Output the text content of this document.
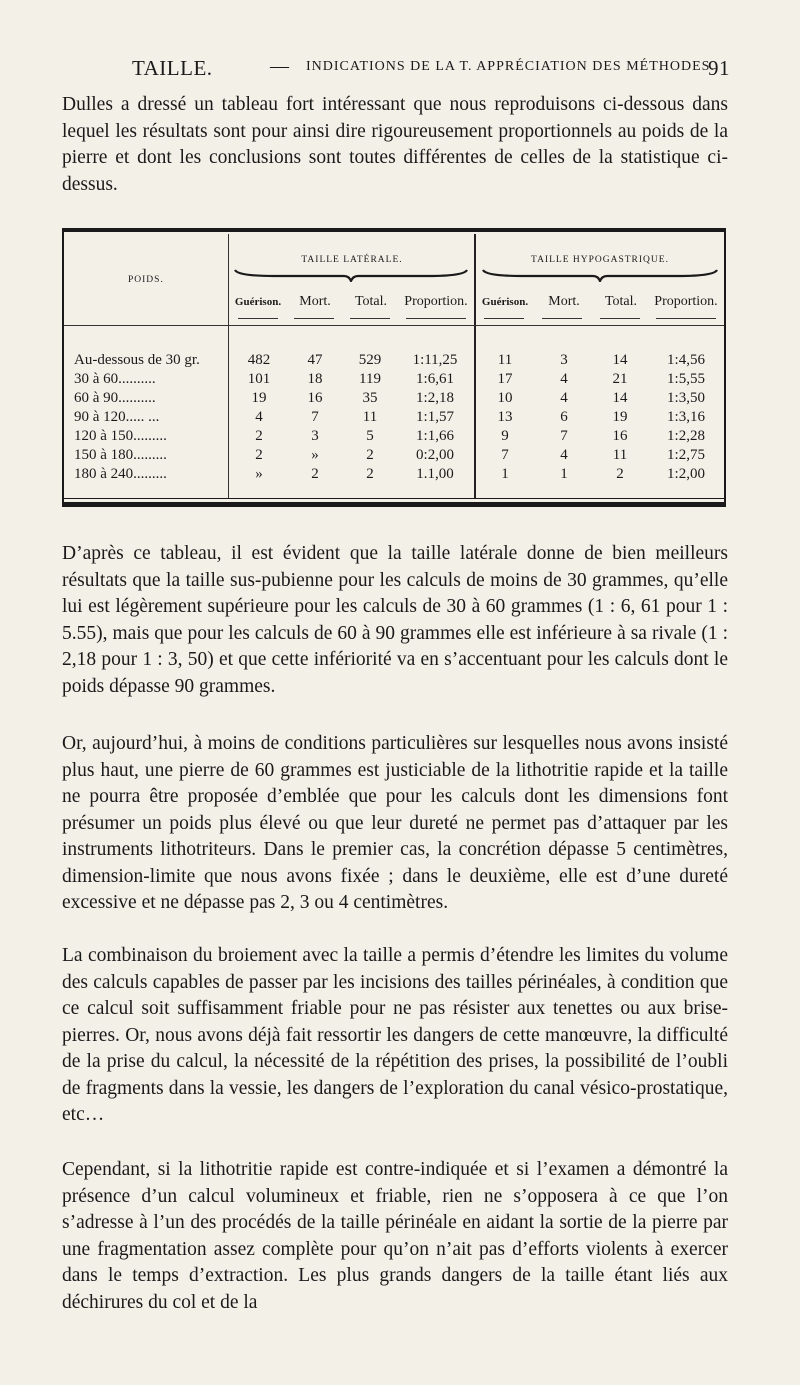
TAILLE.	— INDICATIONS DE LA T. APPRÉCIATION DES MÉTHODES.
91

Dulles a dressé un tableau fort intéressant que nous reproduisons ci-dessous dans lequel les résultats sont pour ainsi dire rigoureusement proportionnels au poids de la pierre et dont les conclusions sont toutes différentes de celles de la statistique ci-dessus.

POIDS.
TAILLE LATÉRALE.	TAILLE HYPOGASTRIQUE.
Guérison.	Mort.	Total.	Proportion.	Guérison.	Mort.	Total.	Proportion.
Au-dessous de 30 gr.	482	47	529	1:11,25	11	3	14	1:4,56
30 à 60..........	101	18	119	1:6,61	17	4	21	1:5,55
60 à 90..........	19	16	35	1:2,18	10	4	14	1:3,50
90 à 120..... ...	4	7	11	1:1,57	13	6	19	1:3,16
120 à 150.........	2	3	5	1:1,66	9	7	16	1:2,28
150 à 180.........	2	»	2	0:2,00	7	4	11	1:2,75
180 à 240.........	»	2	2	1.1,00	1	1	2	1:2,00

D’après ce tableau, il est évident que la taille latérale donne de bien meilleurs résultats que la taille sus-pubienne pour les calculs de moins de 30 grammes, qu’elle lui est légèrement supérieure pour les calculs de 30 à 60 grammes (1 : 6, 61 pour 1 : 5.55), mais que pour les calculs de 60 à 90 grammes elle est inférieure à sa rivale (1 : 2,18 pour 1 : 3, 50) et que cette infériorité va en s’accentuant pour les calculs dont le poids dépasse 90 grammes.

Or, aujourd’hui, à moins de conditions particulières sur lesquelles nous avons insisté plus haut, une pierre de 60 grammes est justiciable de la lithotritie rapide et la taille ne pourra être proposée d’emblée que pour les calculs dont les dimensions font présumer un poids plus élevé ou que leur dureté ne permet pas d’attaquer par les instruments lithotriteurs. Dans le premier cas, la concrétion dépasse 5 centimètres, dimension-limite que nous avons fixée ; dans le deuxième, elle est d’une dureté excessive et ne dépasse pas 2, 3 ou 4 centimètres.

La combinaison du broiement avec la taille a permis d’étendre les limites du volume des calculs capables de passer par les incisions des tailles périnéales, à condition que ce calcul soit suffisamment friable pour ne pas résister aux tenettes ou aux brise-pierres. Or, nous avons déjà fait ressortir les dangers de cette manœuvre, la difficulté de la prise du calcul, la nécessité de la répétition des prises, la possibilité de l’oubli de fragments dans la vessie, les dangers de l’exploration du canal vésico-prostatique, etc…

Cependant, si la lithotritie rapide est contre-indiquée et si l’examen a démontré la présence d’un calcul volumineux et friable, rien ne s’opposera à ce que l’on s’adresse à l’un des procédés de la taille périnéale en aidant la sortie de la pierre par une fragmentation assez complète pour qu’on n’ait pas d’efforts violents à exercer dans le temps d’extraction. Les plus grands dangers de la taille étant liés aux déchirures du col et de la
